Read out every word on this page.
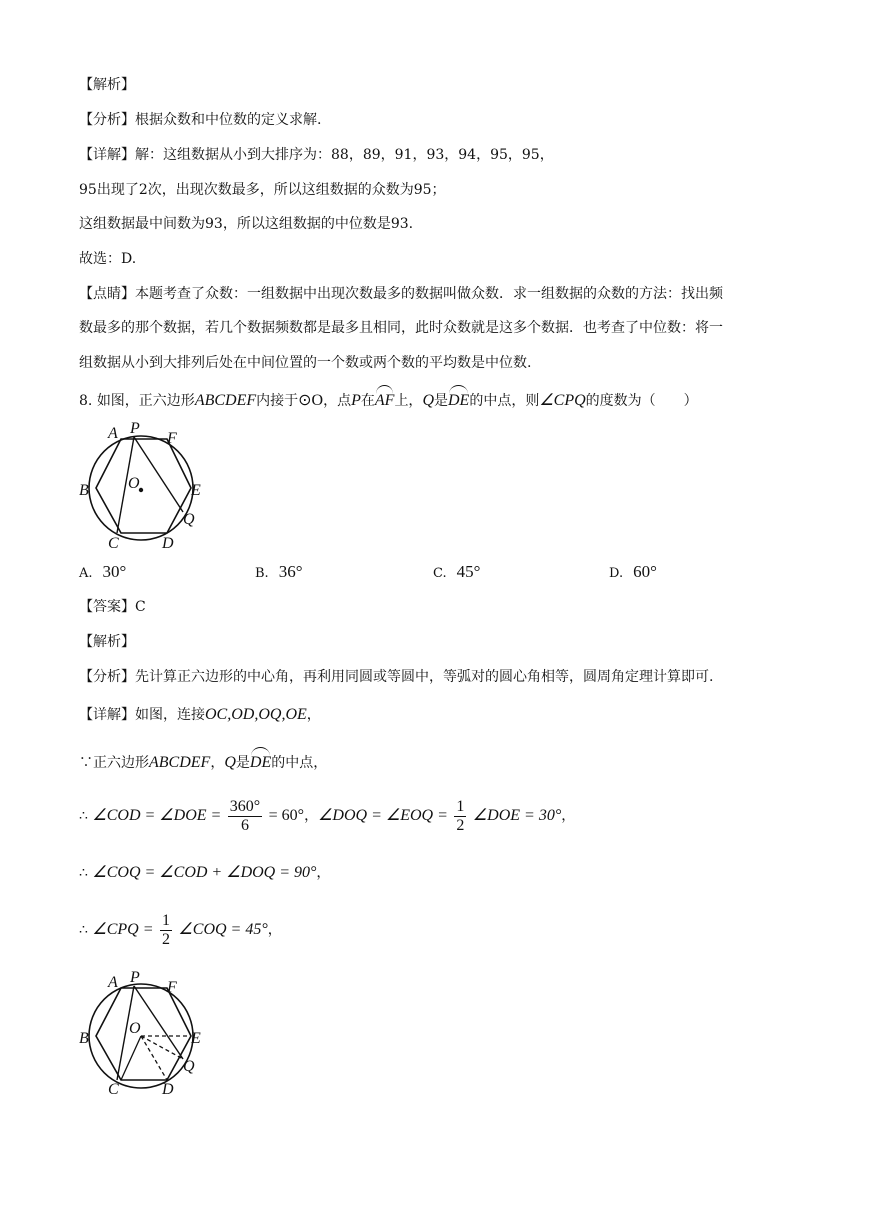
【解析】
【分析】根据众数和中位数的定义求解.
【详解】解：这组数据从小到大排序为：88，89，91，93，94，95，95，
95出现了2次，出现次数最多，所以这组数据的众数为95；
这组数据最中间数为93，所以这组数据的中位数是93.
故选：D.
【点睛】本题考查了众数：一组数据中出现次数最多的数据叫做众数．求一组数据的众数的方法：找出频
数最多的那个数据，若几个数据频数都是最多且相同，此时众数就是这多个数据．也考查了中位数：将一
组数据从小到大排列后处在中间位置的一个数或两个数的平均数是中位数.
8. 如图，正六边形ABCDEF内接于⊙O，点P在AF上，Q是DE的中点，则∠CPQ的度数为（　　）
A P
F
B O	E
Q
C	D
A. 30°	B. 36°	C. 45°	D. 60°
【答案】C
【解析】
【分析】先计算正六边形的中心角，再利用同圆或等圆中，等弧对的圆心角相等，圆周角定理计算即可.
【详解】如图，连接OC,OD,OQ,OE，
∵正六边形ABCDEF，Q是DE的中点，
∴ ∠COD = ∠DOE = $\frac{360^\circ}{6} = 60^\circ$，∠DOQ = ∠EOQ = $\frac{1}{2}$ ∠DOE = 30°，
∴ ∠COQ = ∠COD + ∠DOQ = 90°，
∴ ∠CPQ = $\frac{1}{2}$ ∠COQ = 45°，
A P
F
B
O
E
Q
C	D
